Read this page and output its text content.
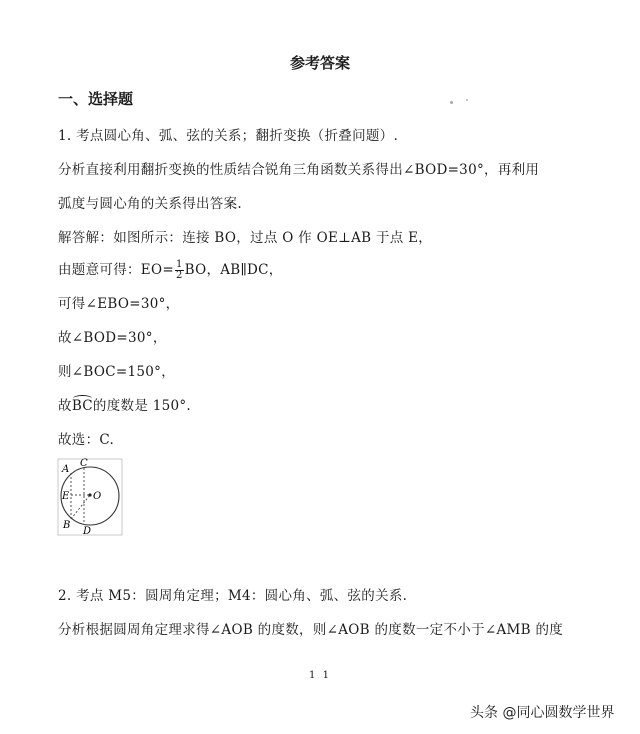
参考答案
一、选择题
1. 考点圆心角、弧、弦的关系；翻折变换（折叠问题）.
分析直接利用翻折变换的性质结合锐角三角函数关系得出∠BOD=30°，再利用
弧度与圆心角的关系得出答案.
解答解：如图所示：连接 BO，过点 O 作 OE⊥AB 于点 E，
由题意可得：$EO= \frac{1}{2}$ BO，AB∥DC，
可得∠EBO=30°，
故∠BOD=30°，
则∠BOC=150°，
故BC的度数是 150°.
故选：C.
A
C
E O
B
D
2. 考点 M5：圆周角定理；M4：圆心角、弧、弦的关系.
分析根据圆周角定理求得∠AOB 的度数，则∠AOB 的度数一定不小于∠AMB 的度
1 1
头条 @同心圆数学世界
